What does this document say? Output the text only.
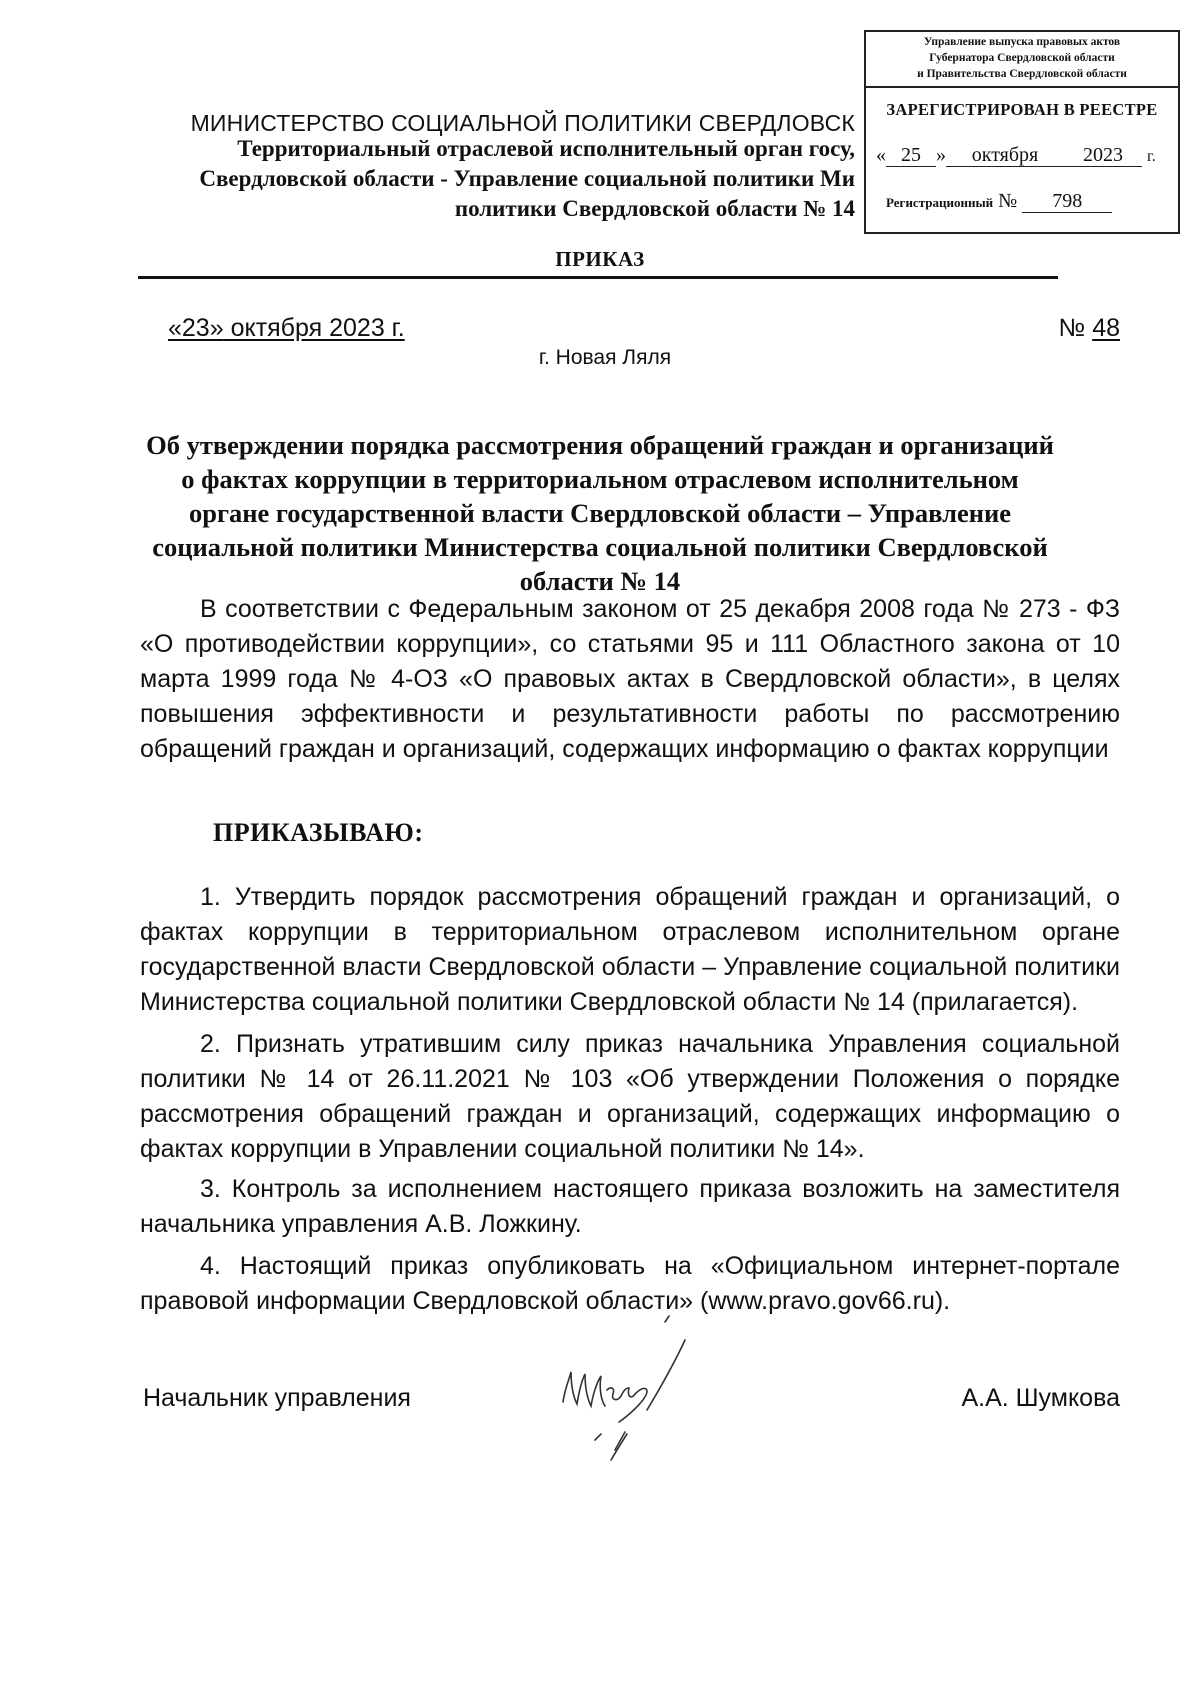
МИНИСТЕРСТВО СОЦИАЛЬНОЙ ПОЛИТИКИ СВЕРДЛОВСК
Территориальный отраслевой исполнительный орган госу,
Свердловской области - Управление социальной политики Ми
политики Свердловской области № 14
Управление выпуска правовых актов
Губернатора Свердловской области
и Правительства Свердловской области
ЗАРЕГИСТРИРОВАН В РЕЕСТРЕ
« 25 » октября 2023 г.
Регистрационный № 798
ПРИКАЗ
«23» октября 2023 г.	№ 48
г. Новая Ляля
Об утверждении порядка рассмотрения обращений граждан и организаций о фактах коррупции в территориальном отраслевом исполнительном органе государственной власти Свердловской области – Управление социальной политики Министерства социальной политики Свердловской области № 14

В соответствии с Федеральным законом от 25 декабря 2008 года № 273 - ФЗ «О противодействии коррупции», со статьями 95 и 111 Областного закона от 10 марта 1999 года № 4-ОЗ «О правовых актах в Свердловской области», в целях повышения эффективности и результативности работы по рассмотрению обращений граждан и организаций, содержащих информацию о фактах коррупции

ПРИКАЗЫВАЮ:

1. Утвердить порядок рассмотрения обращений граждан и организаций, о фактах коррупции в территориальном отраслевом исполнительном органе государственной власти Свердловской области – Управление социальной политики Министерства социальной политики Свердловской области № 14 (прилагается).

2. Признать утратившим силу приказ начальника Управления социальной политики № 14 от 26.11.2021 № 103 «Об утверждении Положения о порядке рассмотрения обращений граждан и организаций, содержащих информацию о фактах коррупции в Управлении социальной политики № 14».

3. Контроль за исполнением настоящего приказа возложить на заместителя начальника управления А.В. Ложкину.

4. Настоящий приказ опубликовать на «Официальном интернет-портале правовой информации Свердловской области» (www.pravo.gov66.ru).

Начальник управления	А.А. Шумкова
